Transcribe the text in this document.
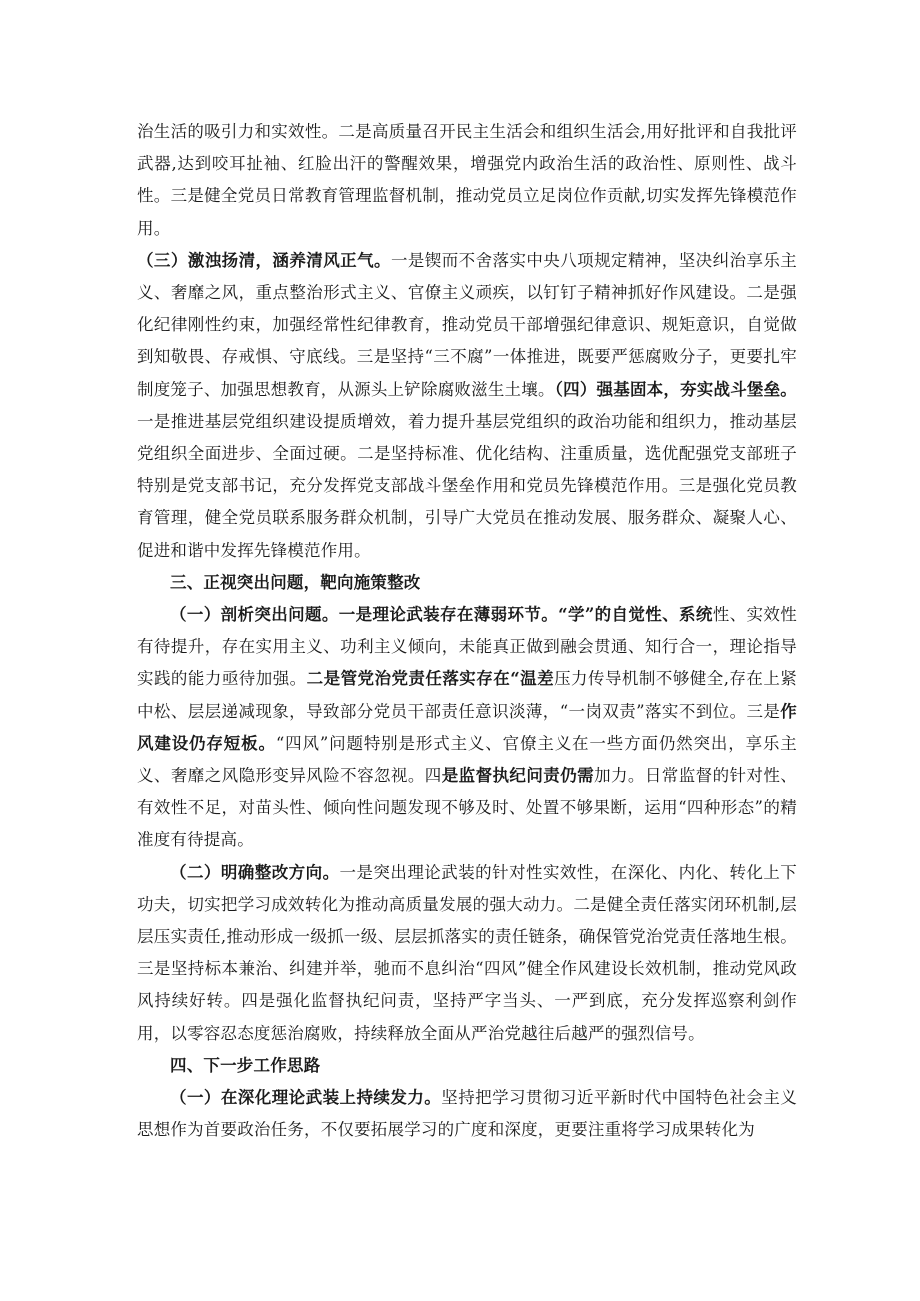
治生活的吸引力和实效性。二是高质量召开民主生活会和组织生活会,用好批评和自我批评武器,达到咬耳扯袖、红脸出汗的警醒效果，增强党内政治生活的政治性、原则性、战斗性。三是健全党员日常教育管理监督机制，推动党员立足岗位作贡献,切实发挥先锋模范作用。

（三）激浊扬清，涵养清风正气。一是锲而不舍落实中央八项规定精神，坚决纠治享乐主义、奢靡之风，重点整治形式主义、官僚主义顽疾，以钉钉子精神抓好作风建设。二是强化纪律刚性约束，加强经常性纪律教育，推动党员干部增强纪律意识、规矩意识，自觉做到知敬畏、存戒惧、守底线。三是坚持“三不腐”一体推进，既要严惩腐败分子，更要扎牢制度笼子、加强思想教育，从源头上铲除腐败滋生土壤。（四）强基固本，夯实战斗堡垒。一是推进基层党组织建设提质增效，着力提升基层党组织的政治功能和组织力，推动基层党组织全面进步、全面过硬。二是坚持标准、优化结构、注重质量，选优配强党支部班子特别是党支部书记，充分发挥党支部战斗堡垒作用和党员先锋模范作用。三是强化党员教育管理，健全党员联系服务群众机制，引导广大党员在推动发展、服务群众、凝聚人心、促进和谐中发挥先锋模范作用。

三、正视突出问题，靶向施策整改

（一）剖析突出问题。一是理论武装存在薄弱环节。“学”的自觉性、系统性、实效性有待提升，存在实用主义、功利主义倾向，未能真正做到融会贯通、知行合一，理论指导实践的能力亟待加强。二是管党治党责任落实存在“温差压力传导机制不够健全,存在上紧中松、层层递减现象，导致部分党员干部责任意识淡薄，“一岗双责”落实不到位。三是作风建设仍存短板。“四风”问题特别是形式主义、官僚主义在一些方面仍然突出，享乐主义、奢靡之风隐形变异风险不容忽视。四是监督执纪问责仍需加力。日常监督的针对性、有效性不足，对苗头性、倾向性问题发现不够及时、处置不够果断，运用“四种形态”的精准度有待提高。

（二）明确整改方向。一是突出理论武装的针对性实效性，在深化、内化、转化上下功夫，切实把学习成效转化为推动高质量发展的强大动力。二是健全责任落实闭环机制,层层压实责任,推动形成一级抓一级、层层抓落实的责任链条，确保管党治党责任落地生根。三是坚持标本兼治、纠建并举，驰而不息纠治“四风”健全作风建设长效机制，推动党风政风持续好转。四是强化监督执纪问责，坚持严字当头、一严到底，充分发挥巡察利剑作用，以零容忍态度惩治腐败，持续释放全面从严治党越往后越严的强烈信号。

四、下一步工作思路

（一）在深化理论武装上持续发力。坚持把学习贯彻习近平新时代中国特色社会主义思想作为首要政治任务，不仅要拓展学习的广度和深度，更要注重将学习成果转化为
